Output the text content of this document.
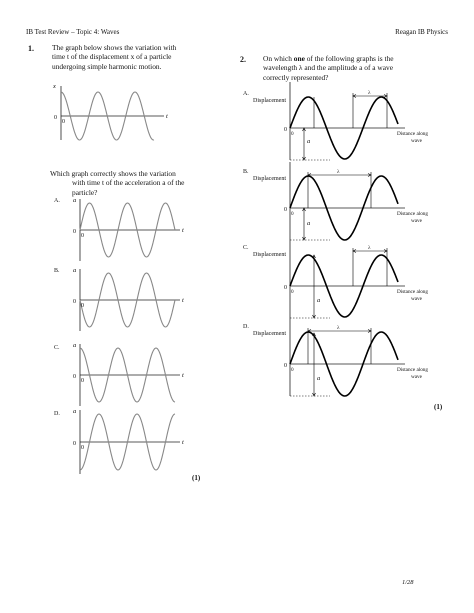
IB Test Review – Topic 4: Waves	Reagan IB Physics
1. The graph below shows the variation with
time t of the displacement x of a particle
undergoing simple harmonic motion.
Which graph correctly shows the variation
with time t of the acceleration a of the
particle?
2. On which one of the following graphs is the
wavelength λ and the amplitude a of a wave
correctly represented?
x
t
0
0
A. a
t
0
0
B. a
t
0
0
C. a
t
0
0
D. a
t
0
0
A.
Displacement
λ
a
0
0	Distance along
wave
B.
Displacement
λ
a
0
0	Distance along
wave
C.
Displacement
λ
a
0
0	Distance along
wave
D.
Displacement
λ
a
0
0	Distance along
wave
(1)
(1)
1/28
